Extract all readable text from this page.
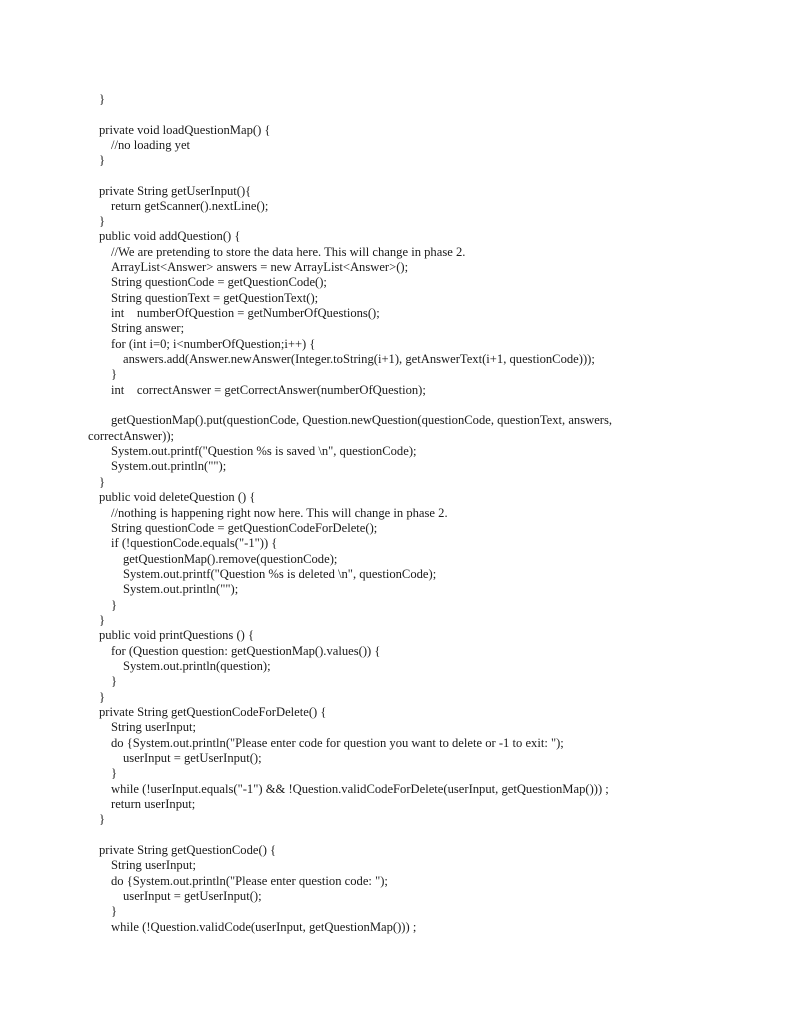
}
private void loadQuestionMap() {
//no loading yet
}
private String getUserInput(){
return getScanner().nextLine();
}
public void addQuestion() {
//We are pretending to store the data here. This will change in phase 2.
ArrayList<Answer> answers = new ArrayList<Answer>();
String questionCode = getQuestionCode();
String questionText = getQuestionText();
int    numberOfQuestion = getNumberOfQuestions();
String answer;
for (int i=0; i<numberOfQuestion;i++) {
answers.add(Answer.newAnswer(Integer.toString(i+1), getAnswerText(i+1, questionCode)));
}
int    correctAnswer = getCorrectAnswer(numberOfQuestion);
getQuestionMap().put(questionCode, Question.newQuestion(questionCode, questionText, answers,
correctAnswer));
System.out.printf("Question %s is saved \n", questionCode);
System.out.println("");
}
public void deleteQuestion () {
//nothing is happening right now here. This will change in phase 2.
String questionCode = getQuestionCodeForDelete();
if (!questionCode.equals("-1")) {
getQuestionMap().remove(questionCode);
System.out.printf("Question %s is deleted \n", questionCode);
System.out.println("");
}
}
public void printQuestions () {
for (Question question: getQuestionMap().values()) {
System.out.println(question);
}
}
private String getQuestionCodeForDelete() {
String userInput;
do {System.out.println("Please enter code for question you want to delete or -1 to exit: ");
userInput = getUserInput();
}
while (!userInput.equals("-1") && !Question.validCodeForDelete(userInput, getQuestionMap())) ;
return userInput;
}
private String getQuestionCode() {
String userInput;
do {System.out.println("Please enter question code: ");
userInput = getUserInput();
}
while (!Question.validCode(userInput, getQuestionMap())) ;
